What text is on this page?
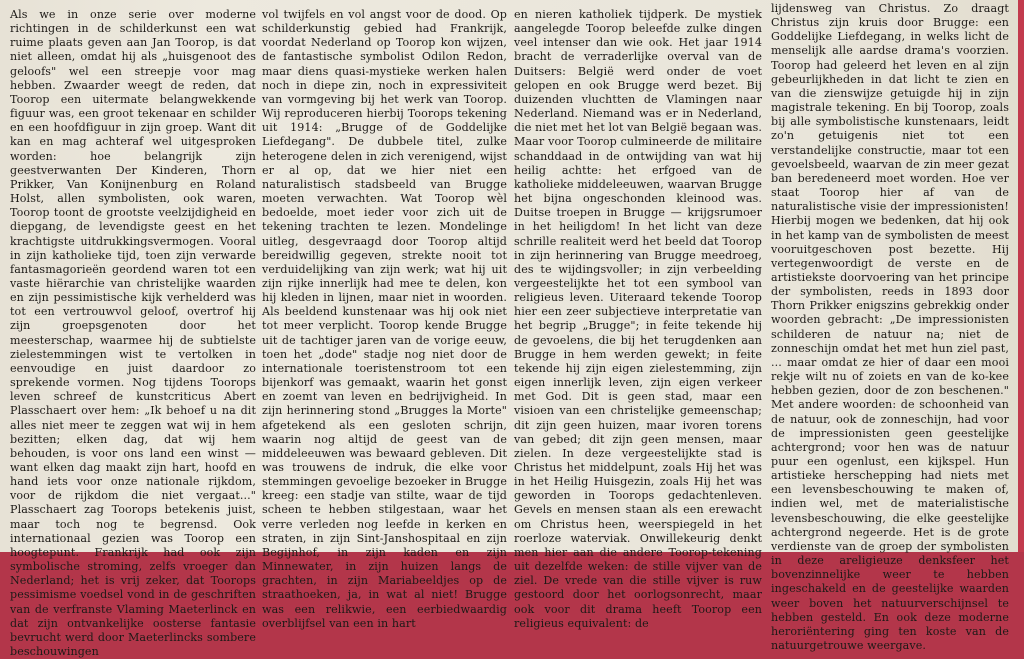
Als we in onze serie over moderne richtingen in de schilderkunst een wat ruime plaats geven aan Jan Toorop, is dat niet alleen, omdat hij als „huisgenoot des geloofs" wel een streepje voor mag hebben. Zwaarder weegt de reden, dat Toorop een uitermate belangwekkende figuur was, een groot tekenaar en schilder en een hoofdfiguur in zijn groep. Want dit kan en mag achteraf wel uitgesproken worden: hoe belangrijk zijn geestverwanten Der Kinderen, Thorn Prikker, Van Konijnenburg en Roland Holst, allen symbolisten, ook waren, Toorop toont de grootste veelzijdigheid en diepgang, de levendigste geest en het krachtigste uitdrukkingsvermogen. Vooral in zijn katholieke tijd, toen zijn verwarde fantasmagorieën geordend waren tot een vaste hiërarchie van christelijke waarden en zijn pessimistische kijk verhelderd was tot een vertrouwvol geloof, overtrof hij zijn groepsgenoten door het meesterschap, waarmee hij de subtielste zielestemmingen wist te vertolken in eenvoudige en juist daardoor zo sprekende vormen. Nog tijdens Toorops leven schreef de kunstcriticus Abert Plasschaert over hem: „Ik behoef u na dit alles niet meer te zeggen wat wij in hem bezitten; elken dag, dat wij hem behouden, is voor ons land een winst — want elken dag maakt zijn hart, hoofd en hand iets voor onze nationale rijkdom, voor de rijkdom die niet vergaat..." Plasschaert zag Toorops betekenis juist, maar toch nog te begrensd. Ook internationaal gezien was Toorop een hoogtepunt. Frankrijk had ook zijn symbolische stroming, zelfs vroeger dan Nederland; het is vrij zeker, dat Toorops pessimisme voedsel vond in de geschriften van de verfranste Vlaming Maeterlinck en dat zijn ontvankelijke oosterse fantasie bevrucht werd door Maeterlincks sombere beschouwingen

vol twijfels en vol angst voor de dood. Op schilderkunstig gebied had Frankrijk, voordat Nederland op Toorop kon wijzen, de fantastische symbolist Odilon Redon, maar diens quasi-mystieke werken halen noch in diepe zin, noch in expressiviteit van vormgeving bij het werk van Toorop. Wij reproduceren hierbij Toorops tekening uit 1914: „Brugge of de Goddelijke Liefdegang". De dubbele titel, zulke heterogene delen in zich verenigend, wijst er al op, dat we hier niet een naturalistisch stadsbeeld van Brugge moeten verwachten. Wat Toorop wèl bedoelde, moet ieder voor zich uit de tekening trachten te lezen. Mondelinge uitleg, desgevraagd door Toorop altijd bereidwillig gegeven, strekte nooit tot verduidelijking van zijn werk; wat hij uit zijn rijke innerlijk had mee te delen, kon hij kleden in lijnen, maar niet in woorden. Als beeldend kunstenaar was hij ook niet tot meer verplicht. Toorop kende Brugge uit de tachtiger jaren van de vorige eeuw, toen het „dode" stadje nog niet door de internationale toeristenstroom tot een bijenkorf was gemaakt, waarin het gonst en zoemt van leven en bedrijvigheid. In zijn herinnering stond „Brugges la Morte" afgetekend als een gesloten schrijn, waarin nog altijd de geest van de middeleeuwen was bewaard gebleven. Dit was trouwens de indruk, die elke voor stemmingen gevoelige bezoeker in Brugge kreeg: een stadje van stilte, waar de tijd scheen te hebben stilgestaan, waar het verre verleden nog leefde in kerken en straten, in zijn Sint-Janshospitaal en zijn Begijnhof, in zijn kaden en zijn Minnewater, in zijn huizen langs de grachten, in zijn Mariabeeldjes op de straathoeken, ja, in wat al niet! Brugge was een relikwie, een eerbiedwaardig overblijfsel van een in hart

en nieren katholiek tijdperk. De mystiek aangelegde Toorop beleefde zulke dingen veel intenser dan wie ook. Het jaar 1914 bracht de verraderlijke overval van de Duitsers: België werd onder de voet gelopen en ook Brugge werd bezet. Bij duizenden vluchtten de Vlamingen naar Nederland. Niemand was er in Nederland, die niet met het lot van België begaan was. Maar voor Toorop culmineerde de militaire schanddaad in de ontwijding van wat hij heilig achtte: het erfgoed van de katholieke middeleeuwen, waarvan Brugge het bijna ongeschonden kleinood was. Duitse troepen in Brugge — krijgsrumoer in het heiligdom! In het licht van deze schrille realiteit werd het beeld dat Toorop in zijn herinnering van Brugge meedroeg, des te wijdingsvoller; in zijn verbeelding vergeestelijkte het tot een symbool van religieus leven. Uiteraard tekende Toorop hier een zeer subjectieve interpretatie van het begrip „Brugge"; in feite tekende hij de gevoelens, die bij het terugdenken aan Brugge in hem werden gewekt; in feite tekende hij zijn eigen zielestemming, zijn eigen innerlijk leven, zijn eigen verkeer met God. Dit is geen stad, maar een visioen van een christelijke gemeenschap; dit zijn geen huizen, maar ivoren torens van gebed; dit zijn geen mensen, maar zielen. In deze vergeestelijkte stad is Christus het middelpunt, zoals Hij het was in het Heilig Huisgezin, zoals Hij het was geworden in Toorops gedachtenleven. Gevels en mensen staan als een erewacht om Christus heen, weerspiegeld in het roerloze waterviak. Onwillekeurig denkt men hier aan die andere Toorop-tekening uit dezelfde weken: de stille vijver van de ziel. De vrede van die stille vijver is ruw gestoord door het oorlogsonrecht, maar ook voor dit drama heeft Toorop een religieus equivalent: de

lijdensweg van Christus. Zo draagt Christus zijn kruis door Brugge: een Goddelijke Liefdegang, in welks licht de menselijk alle aardse drama's voorzien. Toorop had geleerd het leven en al zijn gebeurlijkheden in dat licht te zien en van die zienswijze getuigde hij in zijn magistrale tekening. En bij Toorop, zoals bij alle symbolistische kunstenaars, leidt zo'n getuigenis niet tot een verstandelijke constructie, maar tot een gevoelsbeeld, waarvan de zin meer gezat ban beredeneerd moet worden. Hoe ver staat Toorop hier af van de naturalistische visie der impressionisten! Hierbij mogen we bedenken, dat hij ook in het kamp van de symbolisten de meest vooruitgeschoven post bezette. Hij vertegenwoordigt de verste en de artistiekste doorvoering van het principe der symbolisten, reeds in 1893 door Thorn Prikker enigszins gebrekkig onder woorden gebracht: „De impressionisten schilderen de natuur na; niet de zonneschijn omdat het met hun ziel past, ... maar omdat ze hier of daar een mooi rekje wilt nu of zoiets en van de ko-kee hebben gezien, door de zon beschenen." Met andere woorden: de schoonheid van de natuur, ook de zonneschijn, had voor de impressionisten geen geestelijke achtergrond; voor hen was de natuur puur een ogenlust, een kijkspel. Hun artistieke herschepping had niets met een levensbeschouwing te maken of, indien wel, met de materialistische levensbeschouwing, die elke geestelijke achtergrond negeerde. Het is de grote verdienste van de groep der symbolisten in deze areligieuze denksfeer het bovenzinnelijke weer te hebben ingeschakeld en de geestelijke waarden weer boven het natuurverschijnsel te hebben gesteld. En ook deze moderne heroriëntering ging ten koste van de natuurgetrouwe weergave.
